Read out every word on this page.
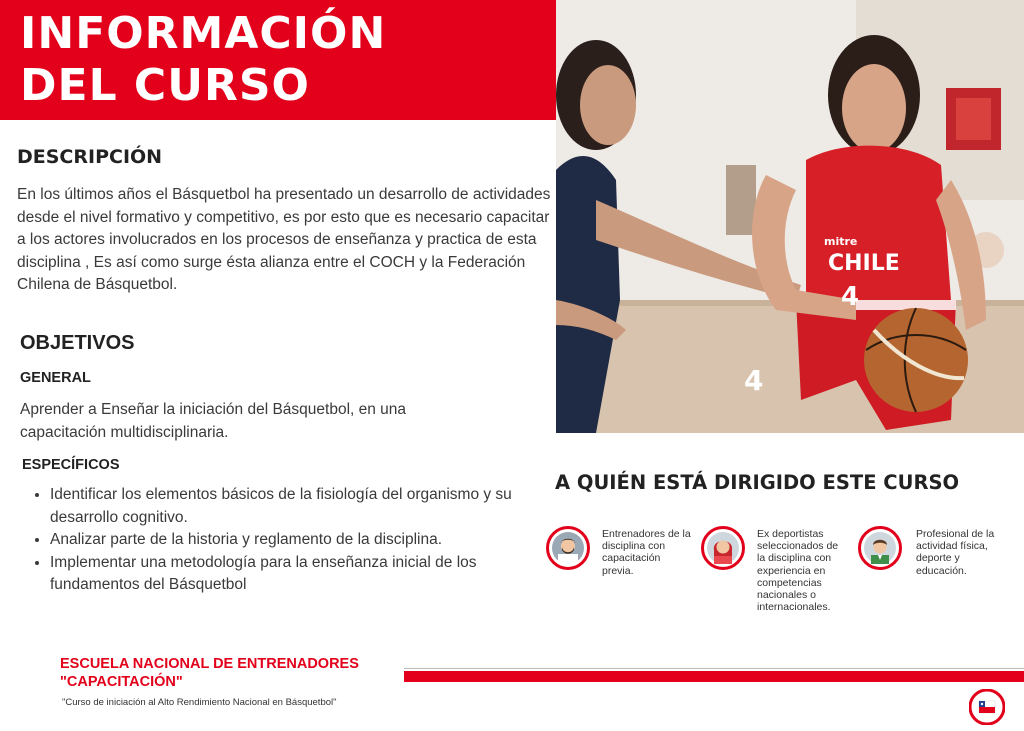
INFORMACIÓN
DEL CURSO
mitre
CHILE
4
4
DESCRIPCIÓN
En los últimos años el Básquetbol ha presentado un desarrollo de actividades desde el nivel formativo y competitivo, es por esto que es necesario capacitar a los actores involucrados en los procesos de enseñanza y practica de esta disciplina , Es así como surge ésta alianza entre el COCH y la Federación Chilena de Básquetbol.
OBJETIVOS
GENERAL
Aprender a Enseñar la iniciación del Básquetbol, en una capacitación multidisciplinaria.
ESPECÍFICOS
• Identificar los elementos básicos de la fisiología del organismo y su desarrollo cognitivo.
• Analizar parte de la historia y reglamento de la disciplina.
• Implementar una metodología para la enseñanza inicial de los fundamentos del Básquetbol
A QUIÉN ESTÁ DIRIGIDO ESTE CURSO
Entrenadores de la disciplina con capacitación previa.
Ex deportistas seleccionados de la disciplina con experiencia en competencias nacionales o internacionales.
Profesional de la actividad física, deporte y educación.
ESCUELA NACIONAL DE ENTRENADORES "CAPACITACIÓN"
"Curso de iniciación al Alto Rendimiento Nacional en Básquetbol"
